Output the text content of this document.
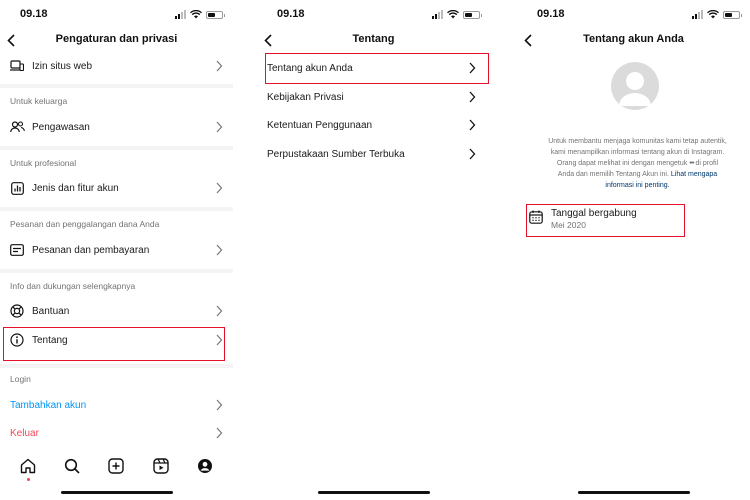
09.18
Pengaturan dan privasi
Izin situs web
Untuk keluarga
Pengawasan
Untuk profesional
Jenis dan fitur akun
Pesanan dan penggalangan dana Anda
Pesanan dan pembayaran
Info dan dukungan selengkapnya
Bantuan
Tentang
Login
Tambahkan akun
Keluar
09.18
Tentang
Tentang akun Anda
Kebijakan Privasi
Ketentuan Penggunaan
Perpustakaan Sumber Terbuka
09.18
Tentang akun Anda
Untuk membantu menjaga komunitas kami tetap autentik,
kami menampilkan informasi tentang akun di Instagram.
Orang dapat melihat ini dengan mengetuk ••• di profil
Anda dan memilih Tentang Akun ini. Lihat mengapa
informasi ini penting.
Tanggal bergabung
Mei 2020
